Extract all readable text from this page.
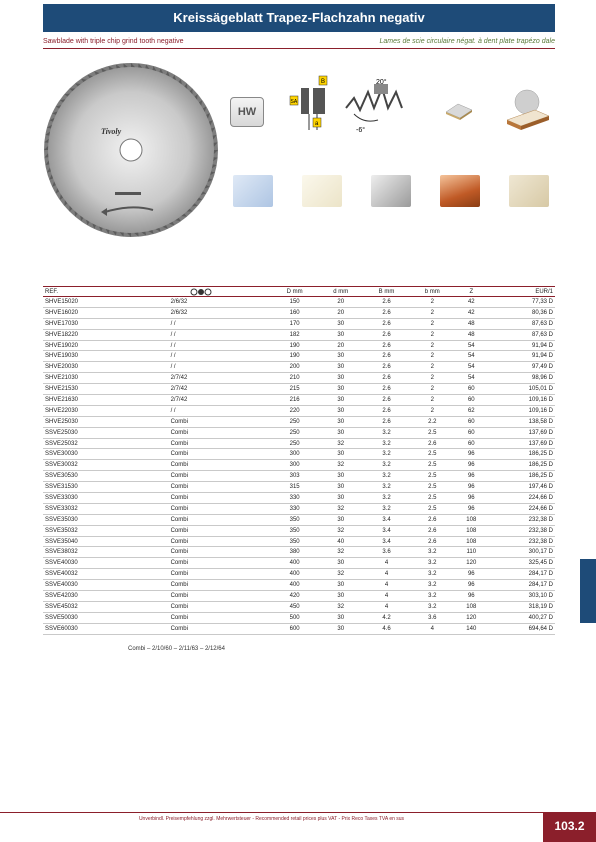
Kreissägeblatt Trapez-Flachzahn negativ
Sawblade with triple chip grind tooth negative	Lames de scie circulaire négat. à dent plate trapézo dale
Tivoly
HW
SA
B
a
20°
-6°
REF.		D mm	d mm	B mm	b mm	Z	EUR/1
SHVE15020	2/6/32	150	20	2.6	2	42	77,33 D
SHVE16020	2/6/32	160	20	2.6	2	42	80,36 D
SHVE17030	/ /	170	30	2.6	2	48	87,63 D
SHVE18220	/ /	182	30	2.6	2	48	87,63 D
SHVE19020	/ /	190	20	2.6	2	54	91,94 D
SHVE19030	/ /	190	30	2.6	2	54	91,94 D
SHVE20030	/ /	200	30	2.6	2	54	97,49 D
SHVE21030	2/7/42	210	30	2.6	2	54	98,96 D
SHVE21530	2/7/42	215	30	2.6	2	60	105,01 D
SHVE21630	2/7/42	216	30	2.6	2	60	109,16 D
SHVE22030	/ /	220	30	2.6	2	62	109,16 D
SHVE25030	Combi	250	30	2.6	2.2	60	138,58 D
SSVE25030	Combi	250	30	3.2	2.5	60	137,69 D
SSVE25032	Combi	250	32	3.2	2.6	60	137,69 D
SSVE30030	Combi	300	30	3.2	2.5	96	186,25 D
SSVE30032	Combi	300	32	3.2	2.5	96	186,25 D
SSVE30530	Combi	303	30	3.2	2.5	96	186,25 D
SSVE31530	Combi	315	30	3.2	2.5	96	197,46 D
SSVE33030	Combi	330	30	3.2	2.5	96	224,66 D
SSVE33032	Combi	330	32	3.2	2.5	96	224,66 D
SSVE35030	Combi	350	30	3.4	2.6	108	232,38 D
SSVE35032	Combi	350	32	3.4	2.6	108	232,38 D
SSVE35040	Combi	350	40	3.4	2.6	108	232,38 D
SSVE38032	Combi	380	32	3.6	3.2	110	300,17 D
SSVE40030	Combi	400	30	4	3.2	120	325,45 D
SSVE40032	Combi	400	32	4	3.2	96	284,17 D
SSVE40030	Combi	400	30	4	3.2	96	284,17 D
SSVE42030	Combi	420	30	4	3.2	96	303,10 D
SSVE45032	Combi	450	32	4	3.2	108	318,19 D
SSVE50030	Combi	500	30	4.2	3.6	120	400,27 D
SSVE60030	Combi	600	30	4.6	4	140	694,64 D
Combi – 2/10/60 – 2/11/63 – 2/12/64
Unverbindl. Preisempfehlung zzgl. Mehrwertsteuer - Recommended retail prices plus VAT - Prix Reco Taxes TVA en sus	103.2
